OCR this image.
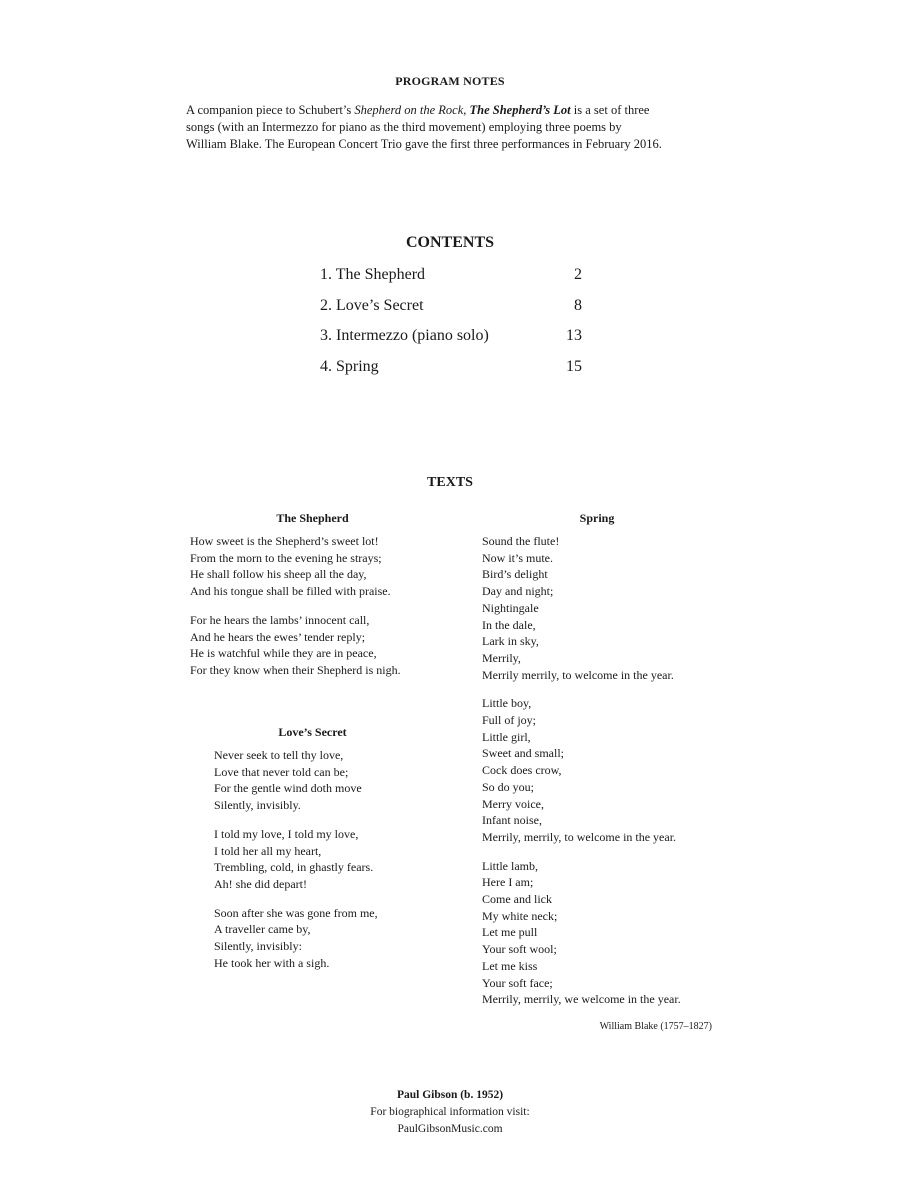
PROGRAM NOTES
A companion piece to Schubert’s Shepherd on the Rock, The Shepherd’s Lot is a set of three
songs (with an Intermezzo for piano as the third movement) employing three poems by
William Blake. The European Concert Trio gave the first three performances in February 2016.
CONTENTS
1. The Shepherd	2
2. Love’s Secret	8
3. Intermezzo (piano solo)	13
4. Spring	15
TEXTS
The Shepherd
How sweet is the Shepherd’s sweet lot!
From the morn to the evening he strays;
He shall follow his sheep all the day,
And his tongue shall be filled with praise.
For he hears the lambs’ innocent call,
And he hears the ewes’ tender reply;
He is watchful while they are in peace,
For they know when their Shepherd is nigh.
Love’s Secret
Never seek to tell thy love,
Love that never told can be;
For the gentle wind doth move
Silently, invisibly.
I told my love, I told my love,
I told her all my heart,
Trembling, cold, in ghastly fears.
Ah! she did depart!
Soon after she was gone from me,
A traveller came by,
Silently, invisibly:
He took her with a sigh.
Spring
Sound the flute!
Now it’s mute.
Bird’s delight
Day and night;
Nightingale
In the dale,
Lark in sky,
Merrily,
Merrily merrily, to welcome in the year.
Little boy,
Full of joy;
Little girl,
Sweet and small;
Cock does crow,
So do you;
Merry voice,
Infant noise,
Merrily, merrily, to welcome in the year.
Little lamb,
Here I am;
Come and lick
My white neck;
Let me pull
Your soft wool;
Let me kiss
Your soft face;
Merrily, merrily, we welcome in the year.
William Blake (1757–1827)
Paul Gibson (b. 1952)
For biographical information visit:
PaulGibsonMusic.com
